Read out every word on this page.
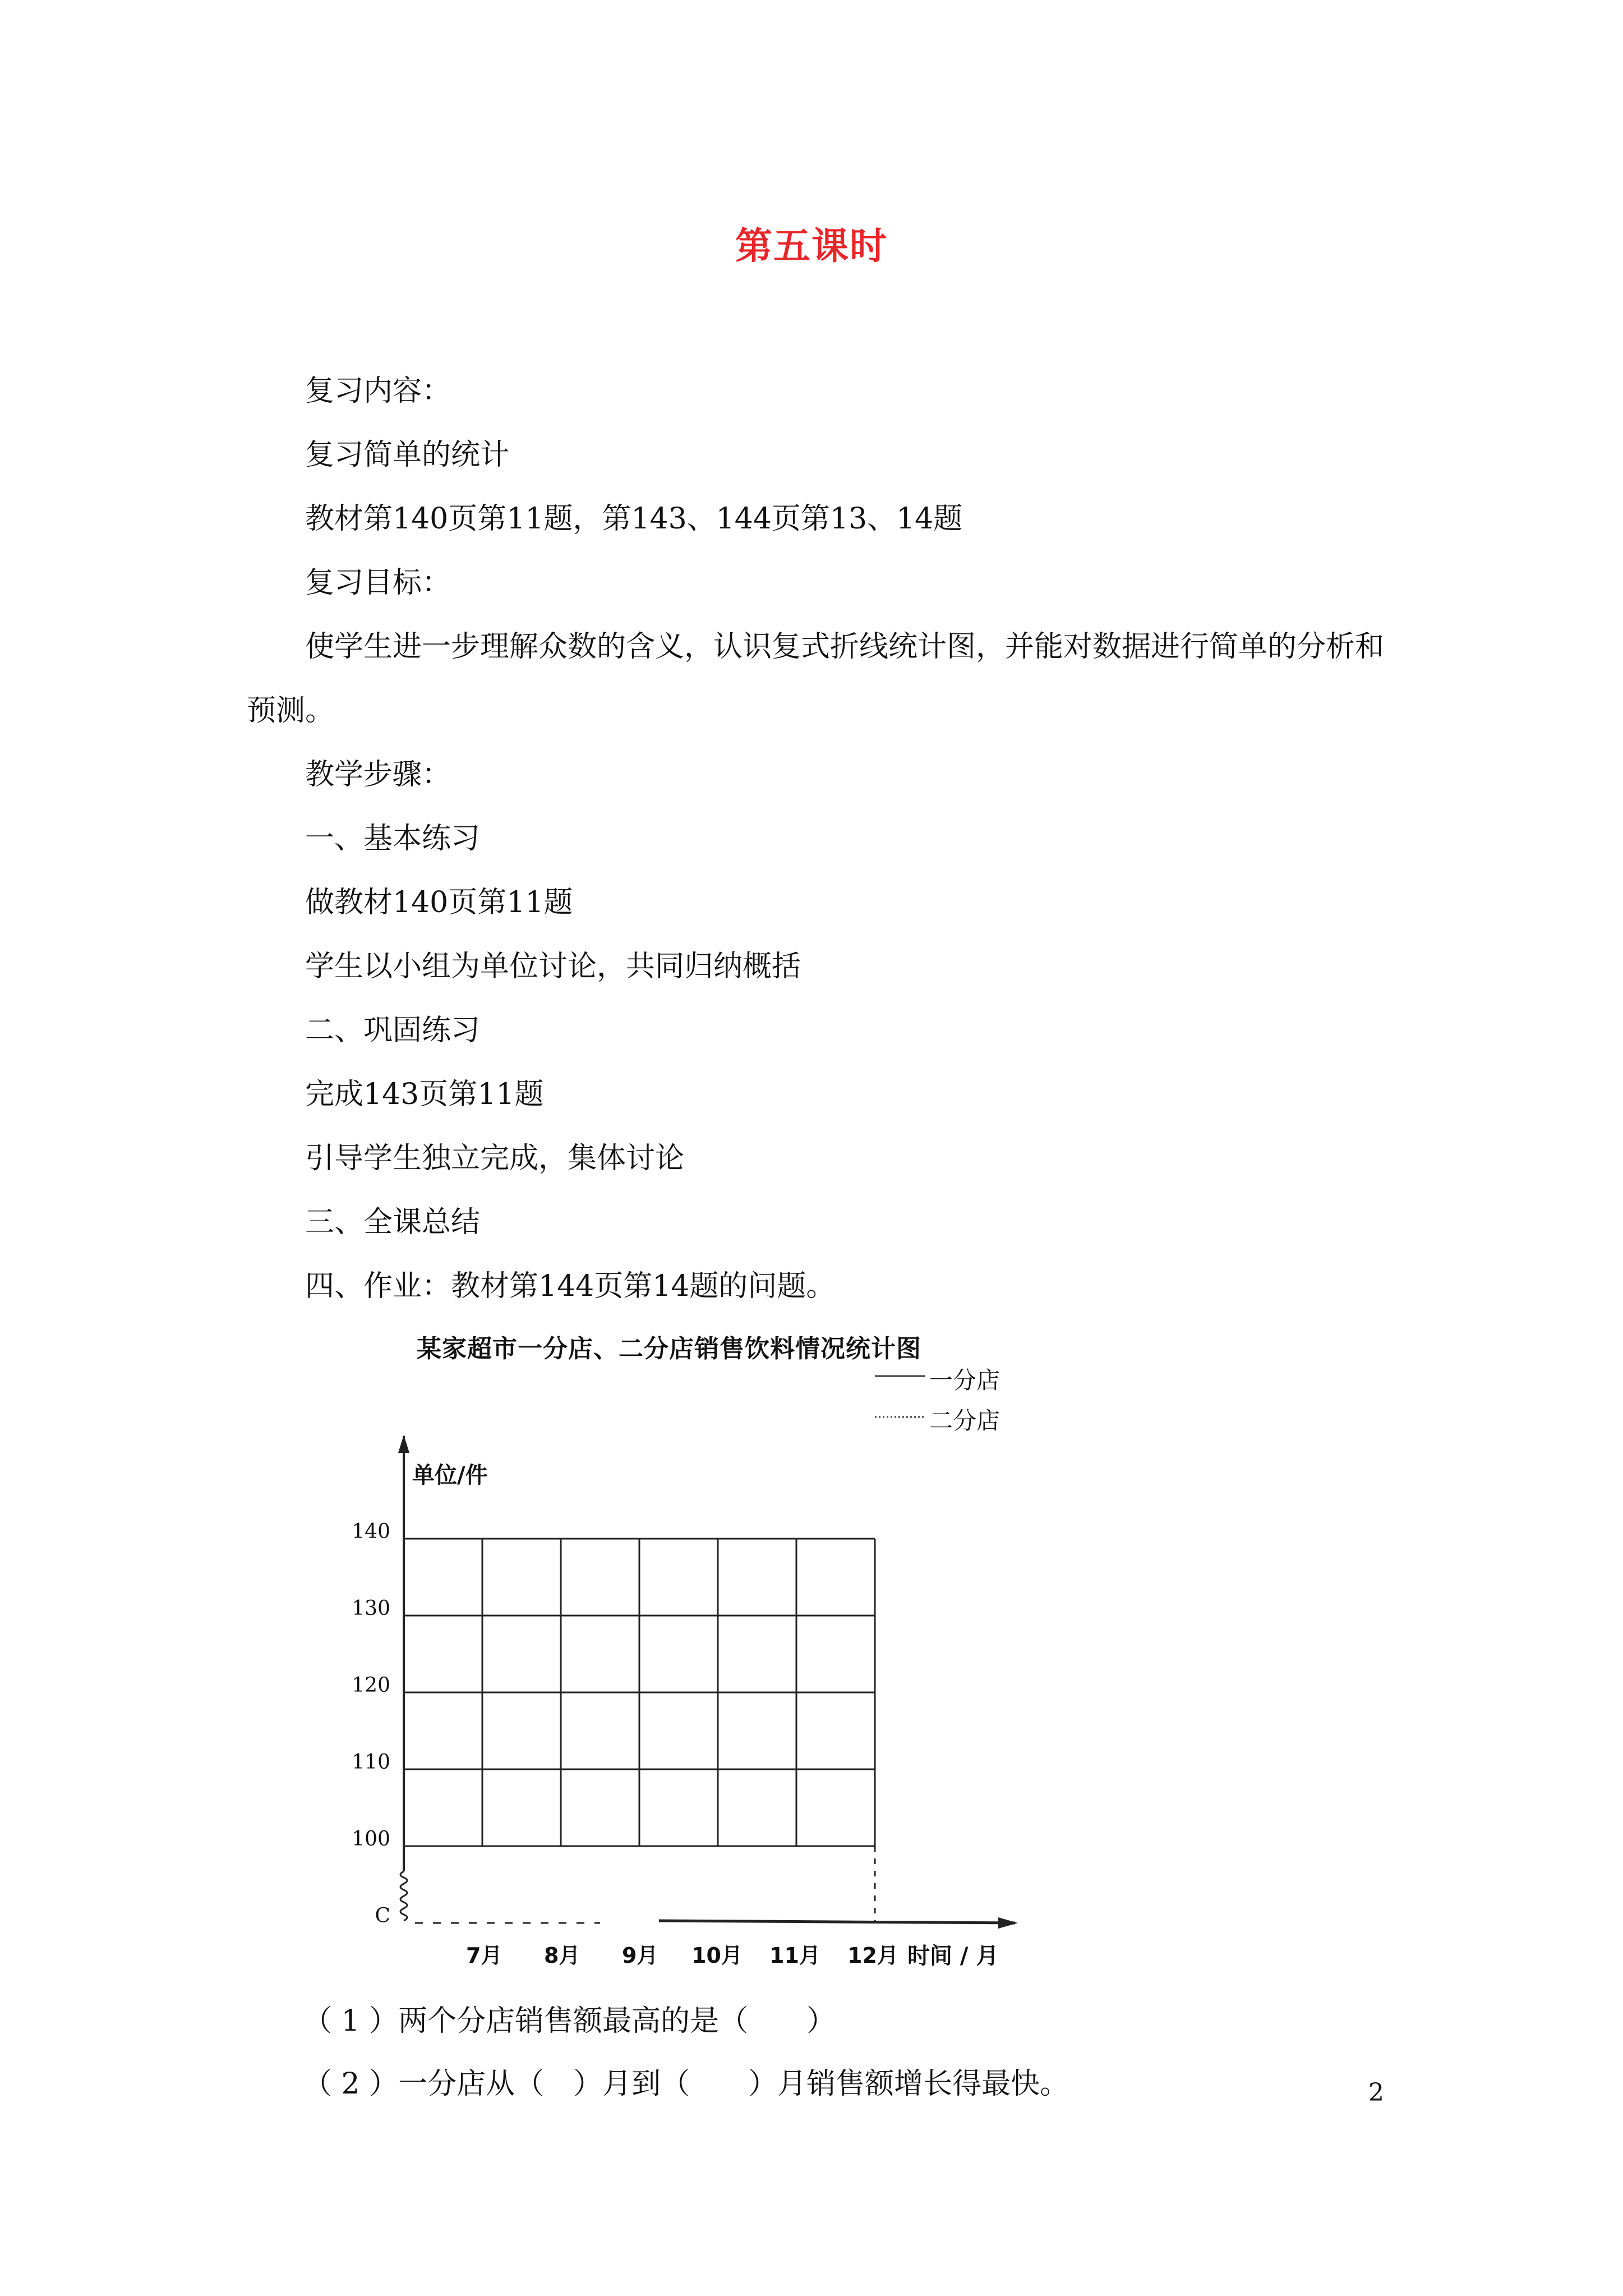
第五课时

复习内容：

复习简单的统计

教材第140页第11题，第143、144页第13、14题

复习目标：

使学生进一步理解众数的含义，认识复式折线统计图，并能对数据进行简单的分析和预测。

教学步骤：

一、基本练习

做教材140页第11题

学生以小组为单位讨论，共同归纳概括

二、巩固练习

完成143页第11题

引导学生独立完成，集体讨论

三、全课总结

四、作业：教材第144页第14题的问题。

某家超市一分店、二分店销售饮料情况统计图
一分店
二分店
单位/件
140
130
120
110
100
C
7月 8月 9月 10月 11月 12月 时间 / 月
（ 1 ）两个分店销售额最高的是（　　）
（ 2 ）一分店从（　）月到（　　）月销售额增长得最快。	2
